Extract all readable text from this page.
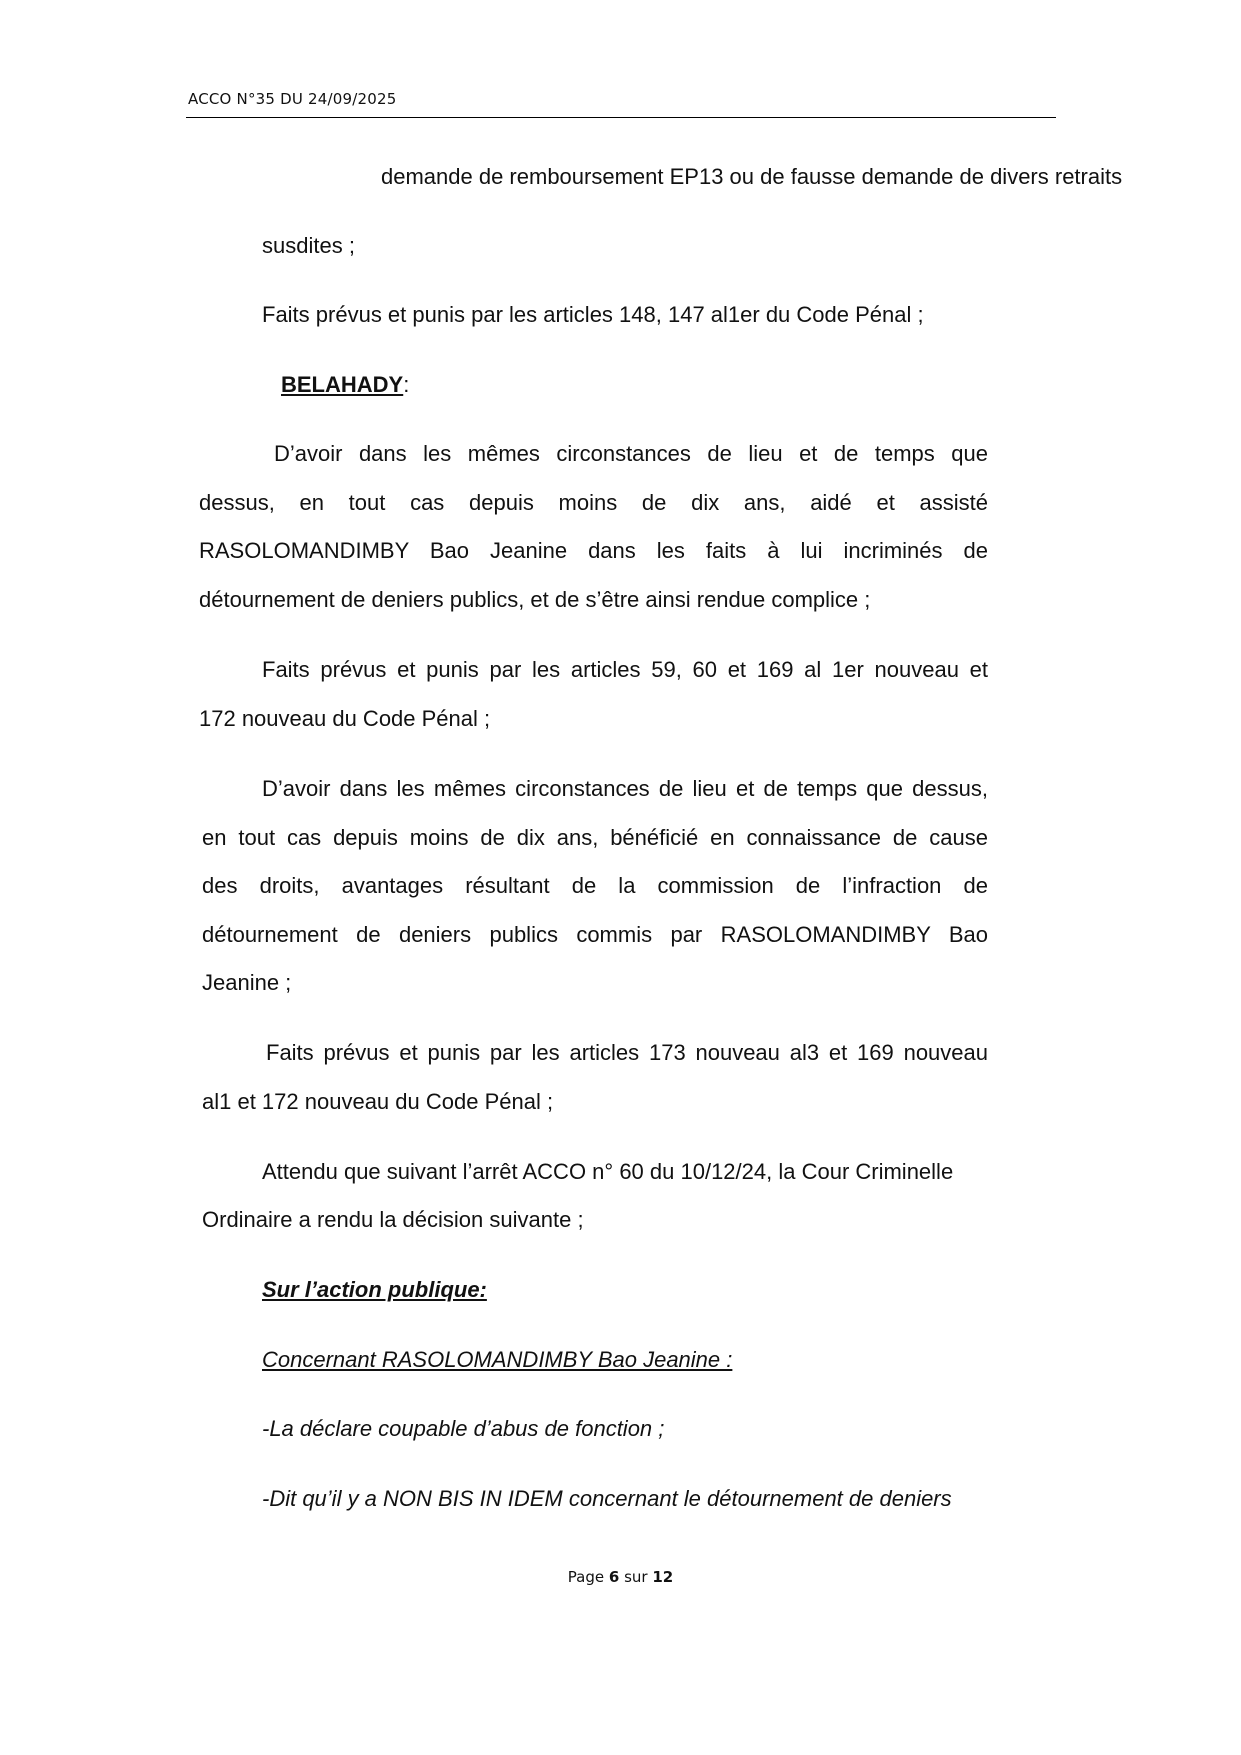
ACCO N°35 DU 24/09/2025
demande de remboursement EP13 ou de fausse demande de divers retraits
susdites ;
Faits prévus et punis par les articles 148, 147 al1er du Code Pénal ;
BELAHADY:
D’avoir dans les mêmes circonstances de lieu et de temps que
dessus, en tout cas depuis moins de dix ans, aidé et assisté
RASOLOMANDIMBY Bao Jeanine dans les faits à lui incriminés de
détournement de deniers publics, et de s’être ainsi rendue complice ;
Faits prévus et punis par les articles 59, 60 et 169 al 1er nouveau et
172 nouveau du Code Pénal ;
D’avoir dans les mêmes circonstances de lieu et de temps que dessus,
en tout cas depuis moins de dix ans, bénéficié en connaissance de cause
des droits, avantages résultant de la commission de l’infraction de
détournement de deniers publics commis par RASOLOMANDIMBY Bao
Jeanine ;
Faits prévus et punis par les articles 173 nouveau al3 et 169 nouveau
al1 et 172 nouveau du Code Pénal ;
Attendu que suivant l’arrêt ACCO n° 60 du 10/12/24, la Cour Criminelle
Ordinaire a rendu la décision suivante ;
Sur l’action publique:
Concernant RASOLOMANDIMBY Bao Jeanine :
-La déclare coupable d’abus de fonction ;
-Dit qu’il y a NON BIS IN IDEM concernant le détournement de deniers
Page 6 sur 12
